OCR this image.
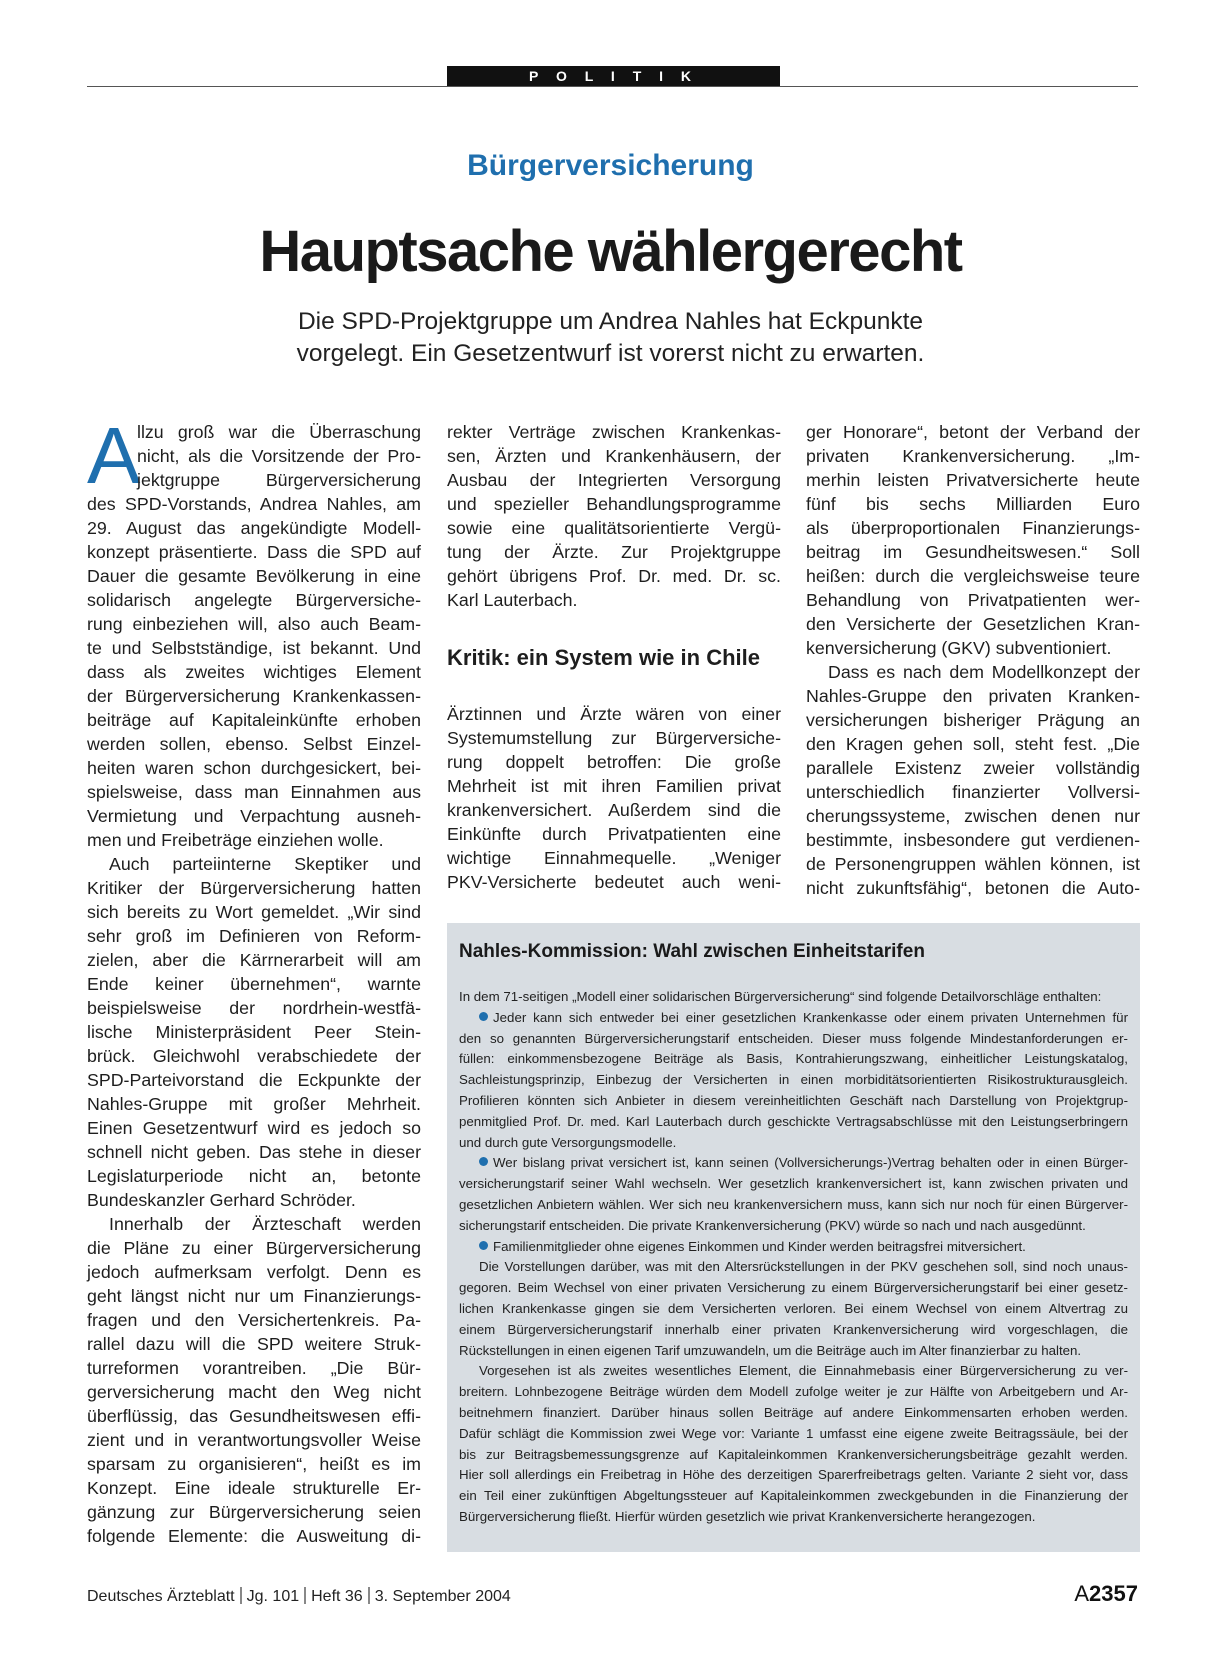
P O L I T I K
Bürgerversicherung
Hauptsache wählergerecht
Die SPD-Projektgruppe um Andrea Nahles hat Eckpunkte
vorgelegt. Ein Gesetzentwurf ist vorerst nicht zu erwarten.
A
llzu groß war die Überraschung
nicht, als die Vorsitzende der Pro-
jektgruppe Bürgerversicherung
des SPD-Vorstands, Andrea Nahles, am
29. August das angekündigte Modell-
konzept präsentierte. Dass die SPD auf
Dauer die gesamte Bevölkerung in eine
solidarisch angelegte Bürgerversiche-
rung einbeziehen will, also auch Beam-
te und Selbstständige, ist bekannt. Und
dass als zweites wichtiges Element
der Bürgerversicherung Krankenkassen-
beiträge auf Kapitaleinkünfte erhoben
werden sollen, ebenso. Selbst Einzel-
heiten waren schon durchgesickert, bei-
spielsweise, dass man Einnahmen aus
Vermietung und Verpachtung ausneh-
men und Freibeträge einziehen wolle.
Auch parteiinterne Skeptiker und
Kritiker der Bürgerversicherung hatten
sich bereits zu Wort gemeldet. „Wir sind
sehr groß im Definieren von Reform-
zielen, aber die Kärrnerarbeit will am
Ende keiner übernehmen“, warnte
beispielsweise der nordrhein-westfä-
lische Ministerpräsident Peer Stein-
brück. Gleichwohl verabschiedete der
SPD-Parteivorstand die Eckpunkte der
Nahles-Gruppe mit großer Mehrheit.
Einen Gesetzentwurf wird es jedoch so
schnell nicht geben. Das stehe in dieser
Legislaturperiode nicht an, betonte
Bundeskanzler Gerhard Schröder.
Innerhalb der Ärzteschaft werden
die Pläne zu einer Bürgerversicherung
jedoch aufmerksam verfolgt. Denn es
geht längst nicht nur um Finanzierungs-
fragen und den Versichertenkreis. Pa-
rallel dazu will die SPD weitere Struk-
turreformen vorantreiben. „Die Bür-
gerversicherung macht den Weg nicht
überflüssig, das Gesundheitswesen effi-
zient und in verantwortungsvoller Weise
sparsam zu organisieren“, heißt es im
Konzept. Eine ideale strukturelle Er-
gänzung zur Bürgerversicherung seien
folgende Elemente: die Ausweitung di-
rekter Verträge zwischen Krankenkas-
sen, Ärzten und Krankenhäusern, der
Ausbau der Integrierten Versorgung
und spezieller Behandlungsprogramme
sowie eine qualitätsorientierte Vergü-
tung der Ärzte. Zur Projektgruppe
gehört übrigens Prof. Dr. med. Dr. sc.
Karl Lauterbach.
Kritik: ein System wie in Chile
Ärztinnen und Ärzte wären von einer
Systemumstellung zur Bürgerversiche-
rung doppelt betroffen: Die große
Mehrheit ist mit ihren Familien privat
krankenversichert. Außerdem sind die
Einkünfte durch Privatpatienten eine
wichtige Einnahmequelle. „Weniger
PKV-Versicherte bedeutet auch weni-
ger Honorare“, betont der Verband der
privaten Krankenversicherung. „Im-
merhin leisten Privatversicherte heute
fünf bis sechs Milliarden Euro
als überproportionalen Finanzierungs-
beitrag im Gesundheitswesen.“ Soll
heißen: durch die vergleichsweise teure
Behandlung von Privatpatienten wer-
den Versicherte der Gesetzlichen Kran-
kenversicherung (GKV) subventioniert.
Dass es nach dem Modellkonzept der
Nahles-Gruppe den privaten Kranken-
versicherungen bisheriger Prägung an
den Kragen gehen soll, steht fest. „Die
parallele Existenz zweier vollständig
unterschiedlich finanzierter Vollversi-
cherungssysteme, zwischen denen nur
bestimmte, insbesondere gut verdienen-
de Personengruppen wählen können, ist
nicht zukunftsfähig“, betonen die Auto-
Nahles-Kommission: Wahl zwischen Einheitstarifen
In dem 71-seitigen „Modell einer solidarischen Bürgerversicherung“ sind folgende Detailvorschläge enthalten:
Jeder kann sich entweder bei einer gesetzlichen Krankenkasse oder einem privaten Unternehmen für
den so genannten Bürgerversicherungstarif entscheiden. Dieser muss folgende Mindestanforderungen er-
füllen: einkommensbezogene Beiträge als Basis, Kontrahierungszwang, einheitlicher Leistungskatalog,
Sachleistungsprinzip, Einbezug der Versicherten in einen morbiditätsorientierten Risikostrukturausgleich.
Profilieren könnten sich Anbieter in diesem vereinheitlichten Geschäft nach Darstellung von Projektgrup-
penmitglied Prof. Dr. med. Karl Lauterbach durch geschickte Vertragsabschlüsse mit den Leistungserbringern
und durch gute Versorgungsmodelle.
Wer bislang privat versichert ist, kann seinen (Vollversicherungs-)Vertrag behalten oder in einen Bürger-
versicherungstarif seiner Wahl wechseln. Wer gesetzlich krankenversichert ist, kann zwischen privaten und
gesetzlichen Anbietern wählen. Wer sich neu krankenversichern muss, kann sich nur noch für einen Bürgerver-
sicherungstarif entscheiden. Die private Krankenversicherung (PKV) würde so nach und nach ausgedünnt.
Familienmitglieder ohne eigenes Einkommen und Kinder werden beitragsfrei mitversichert.
Die Vorstellungen darüber, was mit den Altersrückstellungen in der PKV geschehen soll, sind noch unaus-
gegoren. Beim Wechsel von einer privaten Versicherung zu einem Bürgerversicherungstarif bei einer gesetz-
lichen Krankenkasse gingen sie dem Versicherten verloren. Bei einem Wechsel von einem Altvertrag zu
einem Bürgerversicherungstarif innerhalb einer privaten Krankenversicherung wird vorgeschlagen, die
Rückstellungen in einen eigenen Tarif umzuwandeln, um die Beiträge auch im Alter finanzierbar zu halten.
Vorgesehen ist als zweites wesentliches Element, die Einnahmebasis einer Bürgerversicherung zu ver-
breitern. Lohnbezogene Beiträge würden dem Modell zufolge weiter je zur Hälfte von Arbeitgebern und Ar-
beitnehmern finanziert. Darüber hinaus sollen Beiträge auf andere Einkommensarten erhoben werden.
Dafür schlägt die Kommission zwei Wege vor: Variante 1 umfasst eine eigene zweite Beitragssäule, bei der
bis zur Beitragsbemessungsgrenze auf Kapitaleinkommen Krankenversicherungsbeiträge gezahlt werden.
Hier soll allerdings ein Freibetrag in Höhe des derzeitigen Sparerfreibetrags gelten. Variante 2 sieht vor, dass
ein Teil einer zukünftigen Abgeltungssteuer auf Kapitaleinkommen zweckgebunden in die Finanzierung der
Bürgerversicherung fließt. Hierfür würden gesetzlich wie privat Krankenversicherte herangezogen.
Deutsches Ärzteblatt Jg. 101 Heft 36 3. September 2004	A2357
